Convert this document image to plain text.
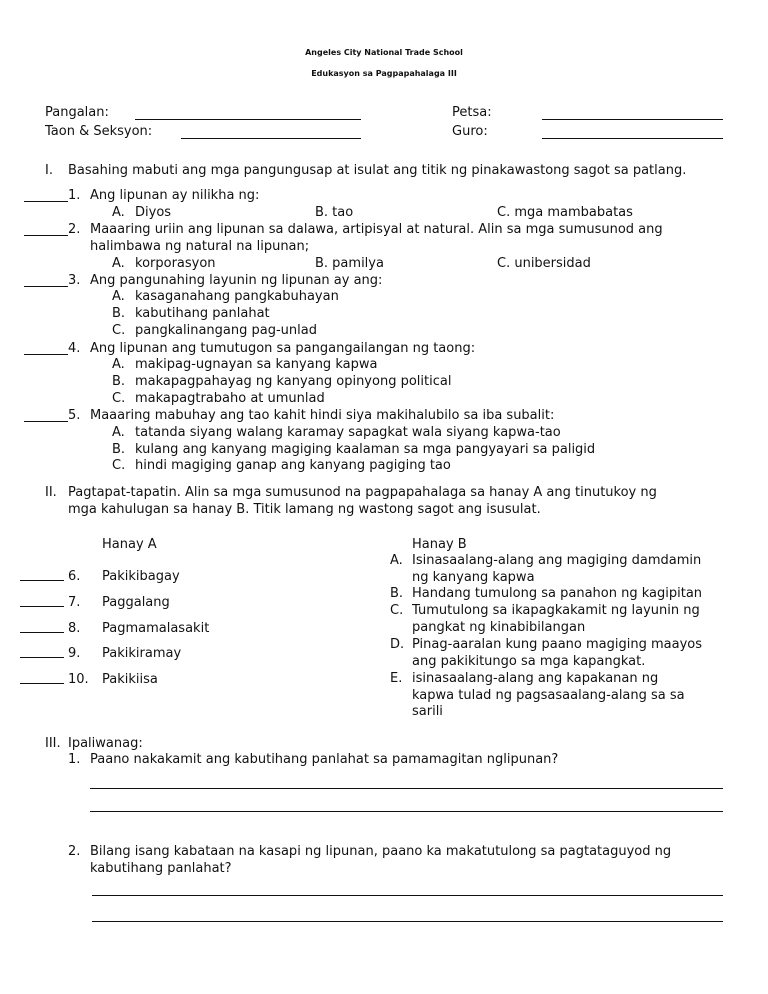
Angeles City National Trade School
Edukasyon sa Pagpapahalaga III
Pangalan:	Petsa:
Taon & Seksyon:	Guro:
I. Basahing mabuti ang mga pangungusap at isulat ang titik ng pinakawastong sagot sa patlang.
1. Ang lipunan ay nilikha ng:
A. Diyos	B. tao	C. mga mambabatas
2. Maaaring uriin ang lipunan sa dalawa, artipisyal at natural. Alin sa mga sumusunod ang
halimbawa ng natural na lipunan;
A. korporasyon	B. pamilya	C. unibersidad
3. Ang pangunahing layunin ng lipunan ay ang:
A. kasaganahang pangkabuhayan
B. kabutihang panlahat
C. pangkalinangang pag-unlad
4. Ang lipunan ang tumutugon sa pangangailangan ng taong:
A. makipag-ugnayan sa kanyang kapwa
B. makapagpahayag ng kanyang opinyong political
C. makapagtrabaho at umunlad
5. Maaaring mabuhay ang tao kahit hindi siya makihalubilo sa iba subalit:
A. tatanda siyang walang karamay sapagkat wala siyang kapwa-tao
B. kulang ang kanyang magiging kaalaman sa mga pangyayari sa paligid
C. hindi magiging ganap ang kanyang pagiging tao
II. Pagtapat-tapatin. Alin sa mga sumusunod na pagpapahalaga sa hanay A ang tinutukoy ng
mga kahulugan sa hanay B. Titik lamang ng wastong sagot ang isusulat.
Hanay A	Hanay B
6. Pakikibagay
7. Paggalang
8. Pagmamalasakit
9. Pakikiramay
10. Pakikiisa
A. Isinasaalang-alang ang magiging damdamin
ng kanyang kapwa
B. Handang tumulong sa panahon ng kagipitan
C. Tumutulong sa ikapagkakamit ng layunin ng
pangkat ng kinabibilangan
D. Pinag-aaralan kung paano magiging maayos
ang pakikitungo sa mga kapangkat.
E. isinasaalang-alang ang kapakanan ng
kapwa tulad ng pagsasaalang-alang sa sa
sarili
III. Ipaliwanag:
1. Paano nakakamit ang kabutihang panlahat sa pamamagitan nglipunan?
2. Bilang isang kabataan na kasapi ng lipunan, paano ka makatutulong sa pagtataguyod ng
kabutihang panlahat?
